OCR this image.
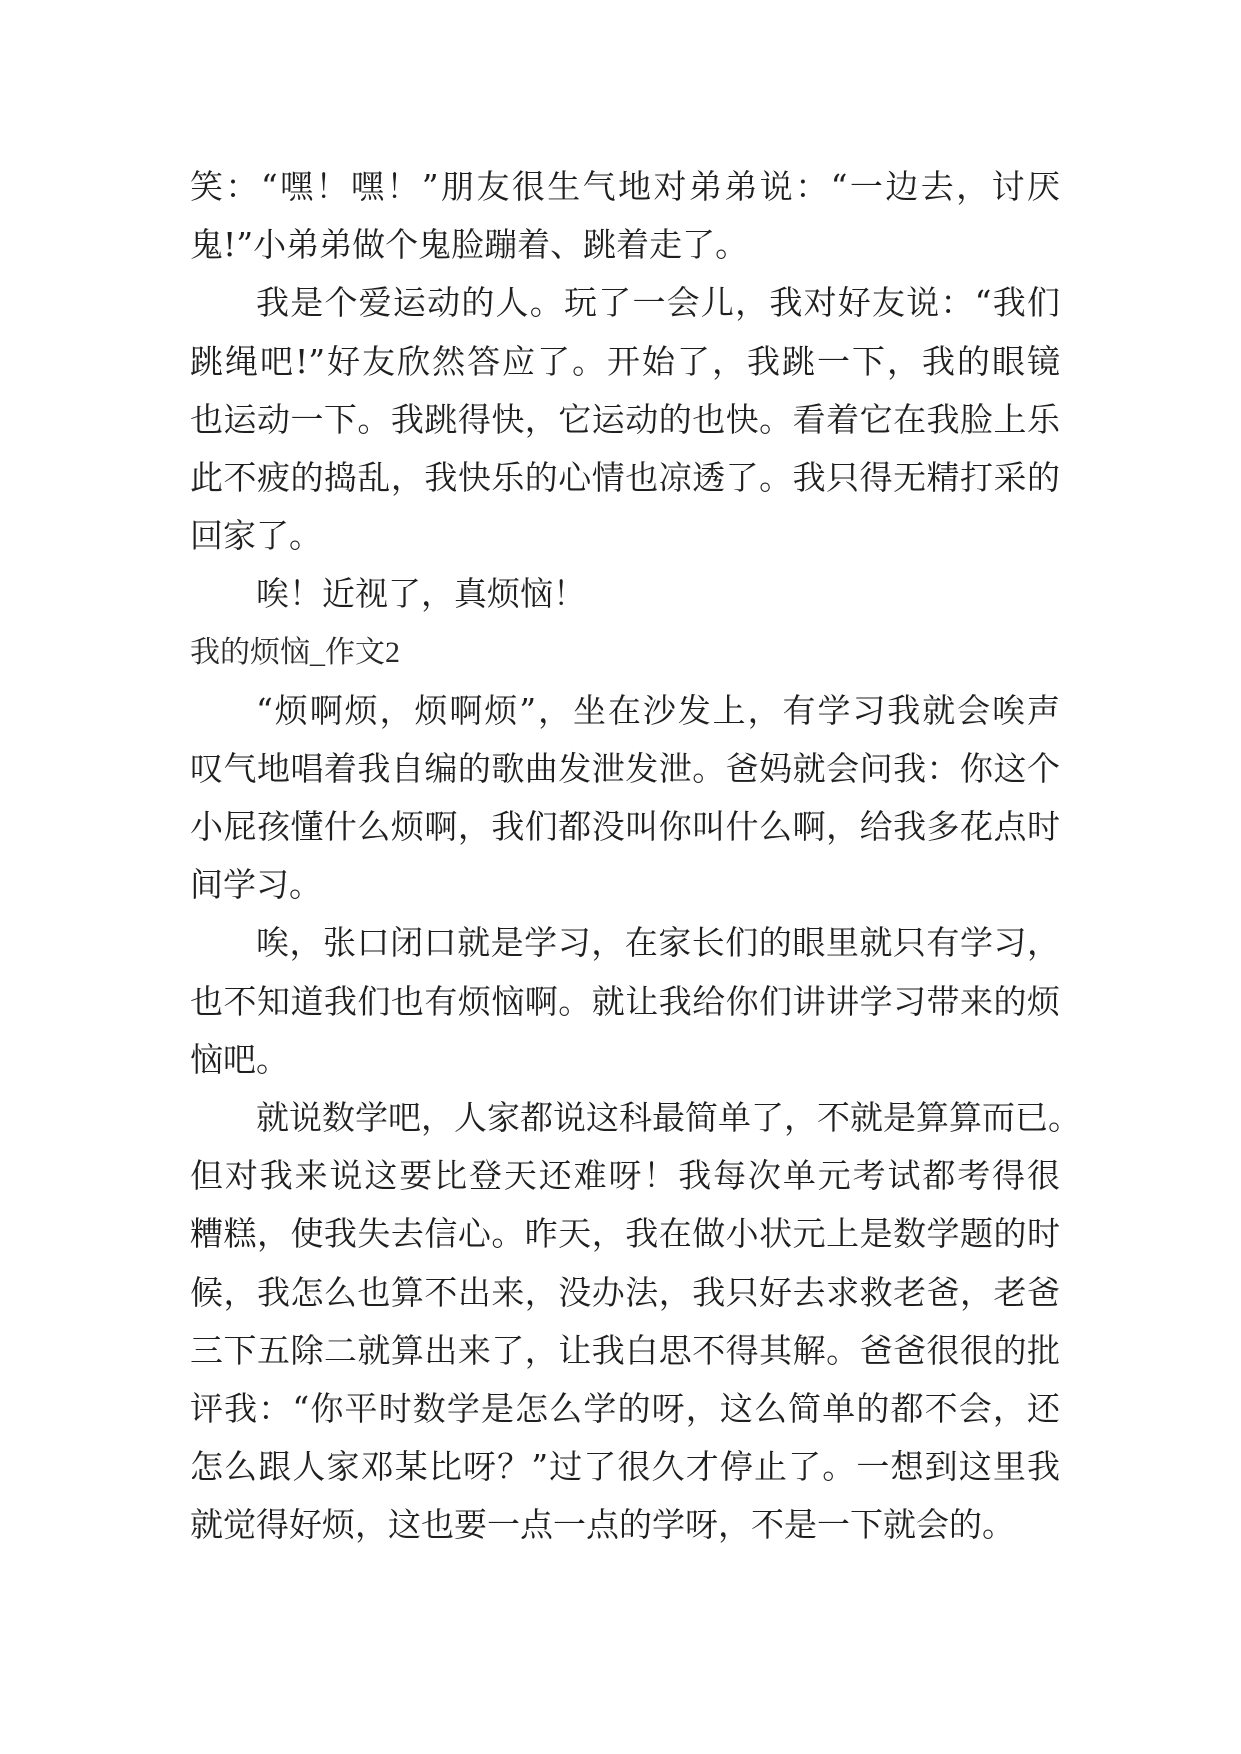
笑：“嘿！嘿！”朋友很生气地对弟弟说：“一边去，讨厌
鬼!”小弟弟做个鬼脸蹦着、跳着走了。
我是个爱运动的人。玩了一会儿，我对好友说：“我们
跳绳吧!”好友欣然答应了。开始了，我跳一下，我的眼镜
也运动一下。我跳得快，它运动的也快。看着它在我脸上乐
此不疲的捣乱，我快乐的心情也凉透了。我只得无精打采的
回家了。
唉！近视了，真烦恼！
我的烦恼_作文2
“烦啊烦，烦啊烦”，坐在沙发上，有学习我就会唉声
叹气地唱着我自编的歌曲发泄发泄。爸妈就会问我：你这个
小屁孩懂什么烦啊，我们都没叫你叫什么啊，给我多花点时
间学习。
唉，张口闭口就是学习，在家长们的眼里就只有学习，
也不知道我们也有烦恼啊。就让我给你们讲讲学习带来的烦
恼吧。
就说数学吧，人家都说这科最简单了，不就是算算而已。
但对我来说这要比登天还难呀！我每次单元考试都考得很
糟糕，使我失去信心。昨天，我在做小状元上是数学题的时
候，我怎么也算不出来，没办法，我只好去求救老爸，老爸
三下五除二就算出来了，让我白思不得其解。爸爸很很的批
评我：“你平时数学是怎么学的呀，这么简单的都不会，还
怎么跟人家邓某比呀？”过了很久才停止了。一想到这里我
就觉得好烦，这也要一点一点的学呀，不是一下就会的。
